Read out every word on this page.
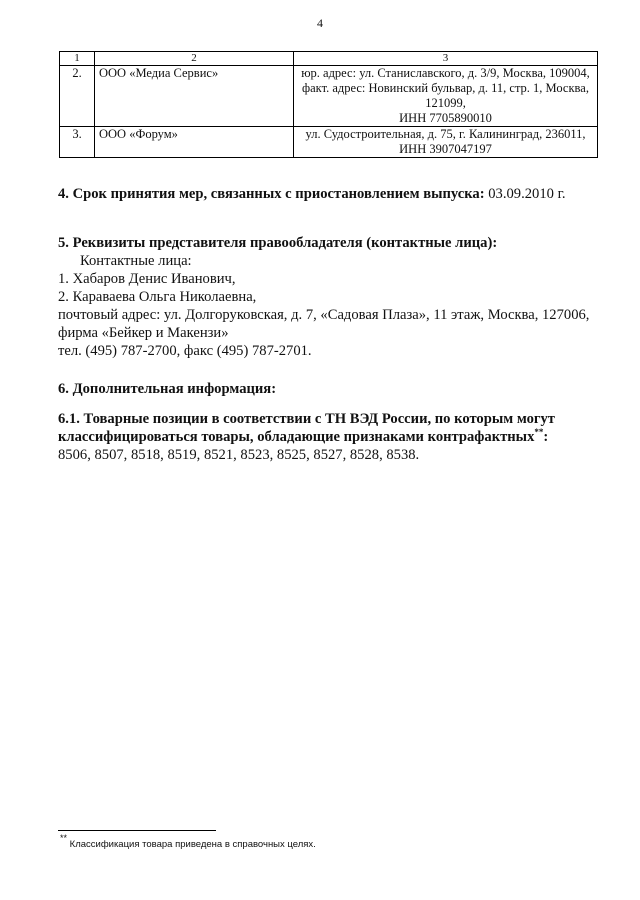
4
1	2	3
2.	ООО «Медиа Сервис»	юр. адрес: ул. Станиславского, д. 3/9, Москва, 109004,
факт. адрес: Новинский бульвар, д. 11, стр. 1, Москва,
121099,
ИНН 7705890010

3.	ООО «Форум»	ул. Судостроительная, д. 75, г. Калининград, 236011,
ИНН 3907047197
4. Срок принятия мер, связанных с приостановлением выпуска: 03.09.2010 г.
5. Реквизиты представителя правообладателя (контактные лица):
Контактные лица:
1. Хабаров Денис Иванович,
2. Караваева Ольга Николаевна,
почтовый адрес: ул. Долгоруковская, д. 7, «Садовая Плаза», 11 этаж, Москва, 127006,
фирма «Бейкер и Макензи»
тел. (495) 787-2700, факс (495) 787-2701.
6. Дополнительная информация:
6.1. Товарные позиции в соответствии с ТН ВЭД России, по которым могут
классифицироваться товары, обладающие признаками контрафактных**:
8506, 8507, 8518, 8519, 8521, 8523, 8525, 8527, 8528, 8538.
** Классификация товара приведена в справочных целях.
